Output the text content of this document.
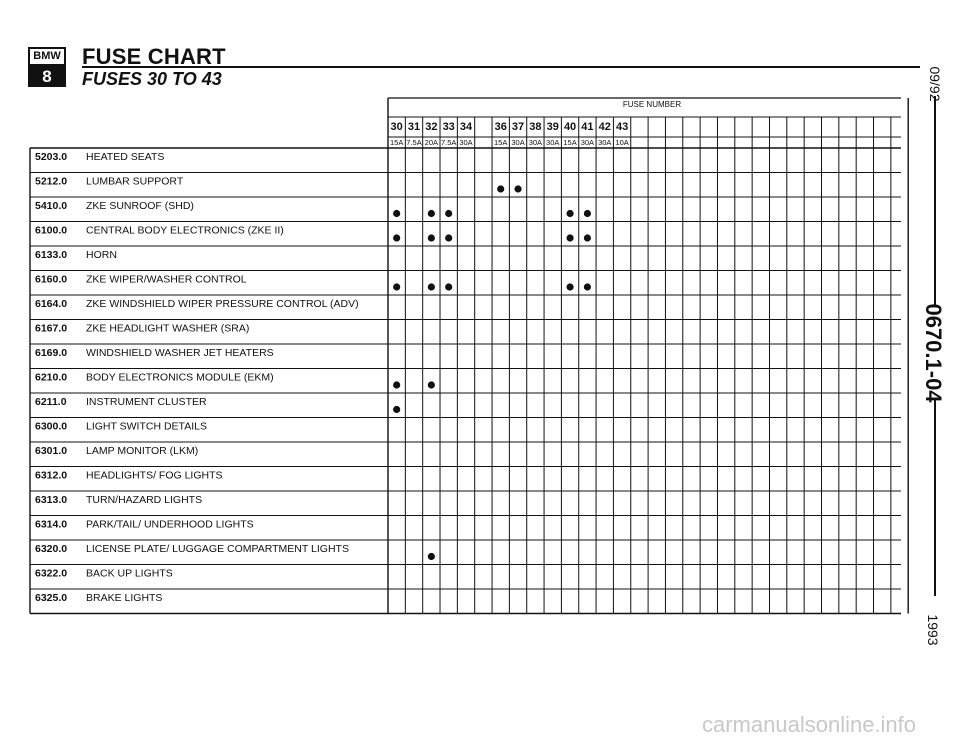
BMW
8
FUSE CHART
FUSES 30 TO 43	09/92
0670.1-04
1993
FUSE NUMBER
30
15A
31
7.5A
32
20A
33
7.5A
34
30A
36
15A
37
30A
38
30A
39
30A
40
15A
41
30A
42
30A
43
10A
5203.0 HEATED SEATS
5212.0 LUMBAR SUPPORT
5410.0 ZKE SUNROOF (SHD)
6100.0 CENTRAL BODY ELECTRONICS (ZKE II)
6133.0 HORN
6160.0 ZKE WIPER/WASHER CONTROL
6164.0 ZKE WINDSHIELD WIPER PRESSURE CONTROL (ADV)
6167.0 ZKE HEADLIGHT WASHER (SRA)
6169.0 WINDSHIELD WASHER JET HEATERS
6210.0 BODY ELECTRONICS MODULE (EKM)
6211.0 INSTRUMENT CLUSTER
6300.0 LIGHT SWITCH DETAILS
6301.0 LAMP MONITOR (LKM)
6312.0 HEADLIGHTS/ FOG LIGHTS
6313.0 TURN/HAZARD LIGHTS
6314.0 PARK/TAIL/ UNDERHOOD LIGHTS
6320.0 LICENSE PLATE/ LUGGAGE COMPARTMENT LIGHTS
6322.0 BACK UP LIGHTS
6325.0 BRAKE LIGHTS
carmanualsonline.info
